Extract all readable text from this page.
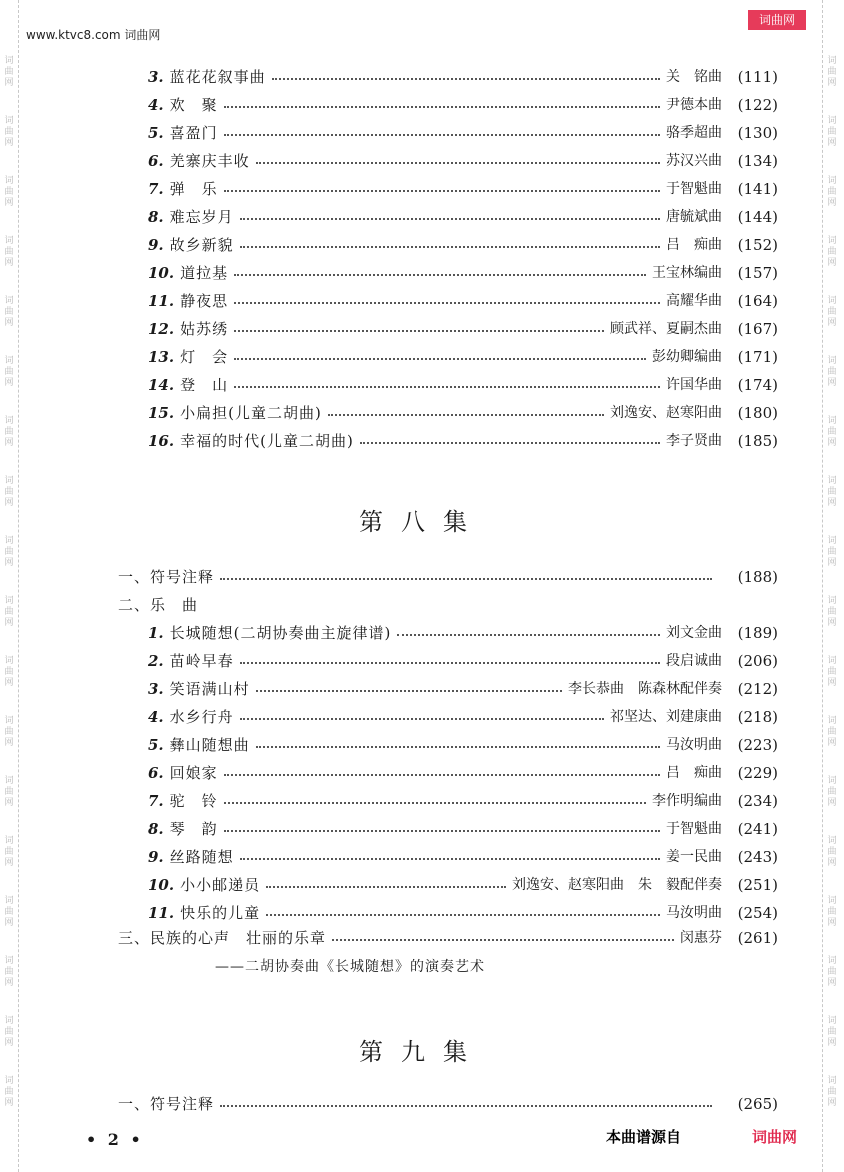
词
曲
网
词
曲
网
词
曲
网
词
曲
网
词
曲
网
词
曲
网
词
曲
网
词
曲
网
词
曲
网
词
曲
网
词
曲
网
词
曲
网
词
曲
网
词
曲
网
词
曲
网
词
曲
网
词
曲
网
词
曲
网
词
曲
网
词
曲
网
词
曲
网
词
曲
网
词
曲
网
词
曲
网
词
曲
网
词
曲
网
词
曲
网
词
曲
网
词
曲
网
词
曲
网
词
曲
网
词
曲
网
词
曲
网
词
曲
网
词
曲
网
词
曲
网
www.ktvc8.com 词曲网
词曲网
3. 蓝花花叙事曲	关　铭曲	(111)
4. 欢　聚	尹德本曲	(122)
5. 喜盈门	骆季超曲	(130)
6. 羌寨庆丰收	苏汉兴曲	(134)
7. 弹　乐	于智魁曲	(141)
8. 难忘岁月	唐毓斌曲	(144)
9. 故乡新貌	吕　痴曲	(152)
10. 道拉基	王宝林编曲	(157)
11. 静夜思	高耀华曲	(164)
12. 姑苏绣	顾武祥、夏嗣杰曲	(167)
13. 灯　会	彭幼卿编曲	(171)
14. 登　山	许国华曲	(174)
15. 小扁担(儿童二胡曲)	刘逸安、赵寒阳曲	(180)
16. 幸福的时代(儿童二胡曲)	李子贤曲	(185)
第八集
一、符号注释	(188)
二、乐　曲
1. 长城随想(二胡协奏曲主旋律谱)	刘文金曲	(189)
2. 苗岭早春	段启诚曲	(206)
3. 笑语满山村	李长恭曲　陈森林配伴奏	(212)
4. 水乡行舟	祁坚达、刘建康曲	(218)
5. 彝山随想曲	马汝明曲	(223)
6. 回娘家	吕　痴曲	(229)
7. 驼　铃	李作明编曲	(234)
8. 琴　韵	于智魁曲	(241)
9. 丝路随想	姜一民曲	(243)
10. 小小邮递员	刘逸安、赵寒阳曲　朱　毅配伴奏	(251)
11. 快乐的儿童	马汝明曲	(254)
三、民族的心声　壮丽的乐章	闵惠芬	(261)
——二胡协奏曲《长城随想》的演奏艺术
第九集
一、符号注释	(265)
• 2 •	本曲谱源自	词曲网
